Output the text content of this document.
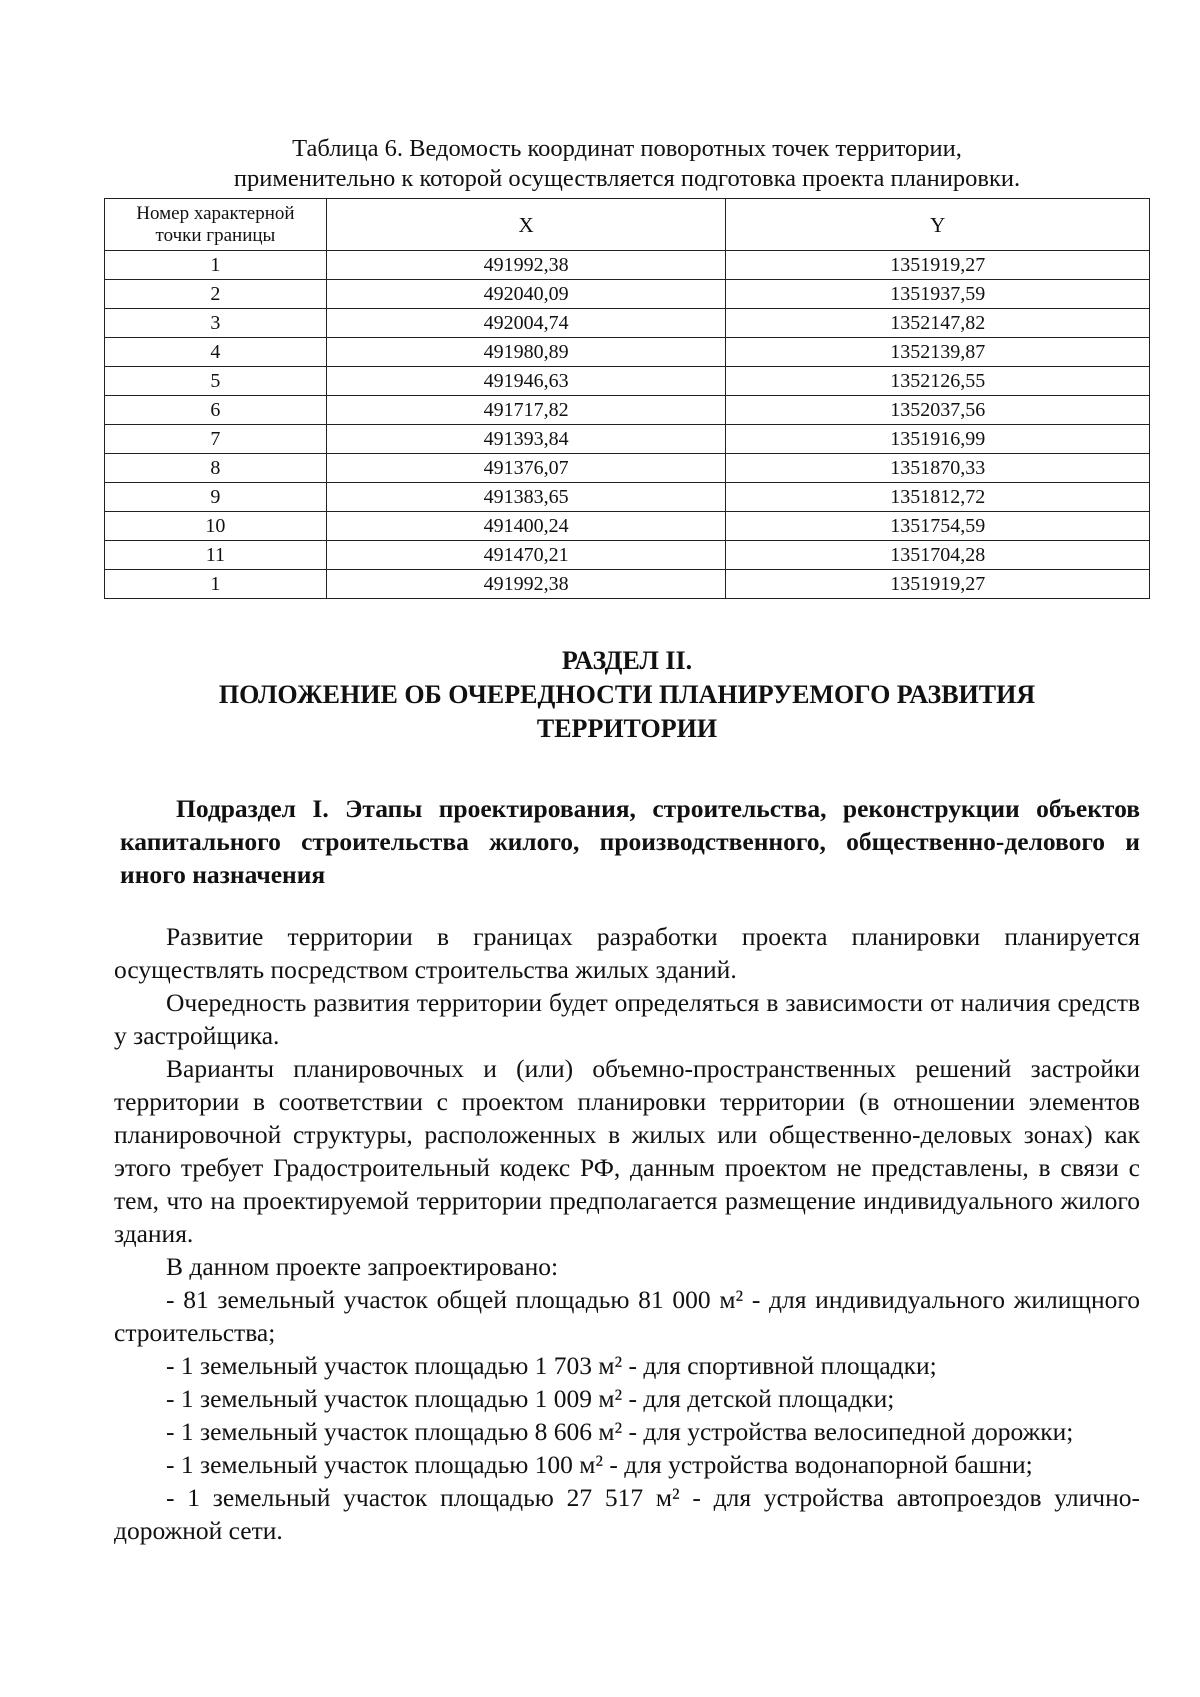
Таблица 6. Ведомость координат поворотных точек территории,
применительно к которой осуществляется подготовка проекта планировки.
Номер характерной
точки границы	X	Y
1	491992,38	1351919,27
2	492040,09	1351937,59
3	492004,74	1352147,82
4	491980,89	1352139,87
5	491946,63	1352126,55
6	491717,82	1352037,56
7	491393,84	1351916,99
8	491376,07	1351870,33
9	491383,65	1351812,72
10	491400,24	1351754,59
11	491470,21	1351704,28
1	491992,38	1351919,27
РАЗДЕЛ II.
ПОЛОЖЕНИЕ ОБ ОЧЕРЕДНОСТИ ПЛАНИРУЕМОГО РАЗВИТИЯ
ТЕРРИТОРИИ
Подраздел I. Этапы проектирования, строительства, реконструкции объектов капитального строительства жилого, производственного, общественно-делового и иного назначения

Развитие территории в границах разработки проекта планировки планируется осуществлять посредством строительства жилых зданий.

Очередность развития территории будет определяться в зависимости от наличия средств у застройщика.

Варианты планировочных и (или) объемно-пространственных решений застройки территории в соответствии с проектом планировки территории (в отношении элементов планировочной структуры, расположенных в жилых или общественно-деловых зонах) как этого требует Градостроительный кодекс РФ, данным проектом не представлены, в связи с тем, что на проектируемой территории предполагается размещение индивидуального жилого здания.

В данном проекте запроектировано:

- 81 земельный участок общей площадью 81 000 м² - для индивидуального жилищного строительства;

- 1 земельный участок площадью 1 703 м² - для спортивной площадки;

- 1 земельный участок площадью 1 009 м² - для детской площадки;

- 1 земельный участок площадью 8 606 м² - для устройства велосипедной дорожки;

- 1 земельный участок площадью 100 м² - для устройства водонапорной башни;

- 1 земельный участок площадью 27 517 м² - для устройства автопроездов улично-дорожной сети.
